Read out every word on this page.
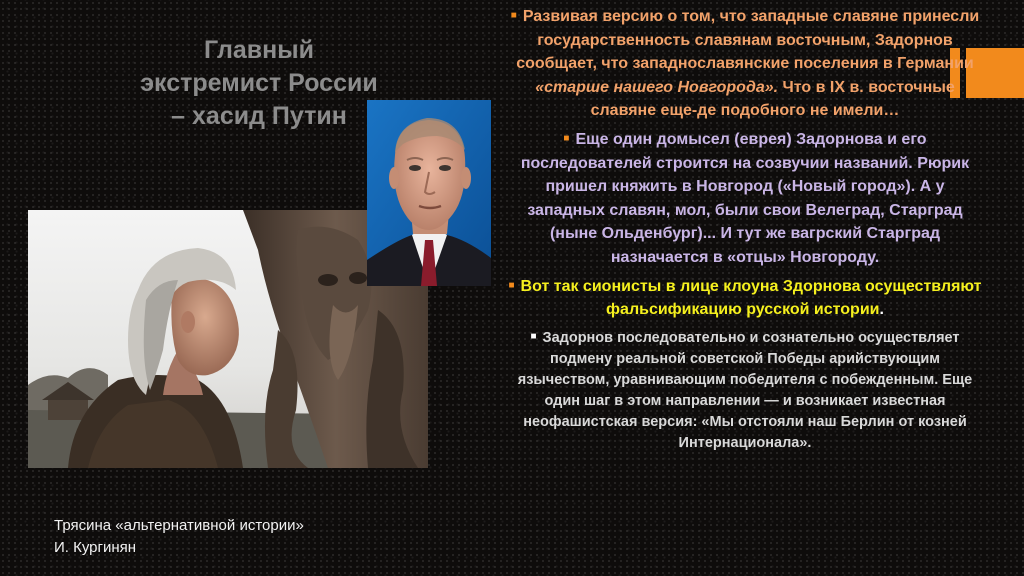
Главный
экстремист России
– хасид Путин
Трясина «альтернативной истории»
И. Кургинян

■ Развивая версию о том, что западные славяне принесли государственность славянам восточным, Задорнов сообщает, что западнославянские поселения в Германии «старше нашего Новгорода». Что в IX в. восточные славяне еще-де подобного не имели…

■ Еще один домысел (еврея) Задорнова и его последователей строится на созвучии названий. Рюрик пришел княжить в Новгород («Новый город»). А у западных славян, мол, были свои Велеград, Старград (ныне Ольденбург)... И тут же вагрский Старград назначается в «отцы» Новгороду.

■ Вот так сионисты в лице клоуна Здорнова осуществляют фальсификацию русской истории.

■ Задорнов последовательно и сознательно осуществляет подмену реальной советской Победы арийствующим язычеством, уравнивающим победителя с побежденным. Еще один шаг в этом направлении — и возникает известная неофашистская версия: «Мы отстояли наш Берлин от козней Интернационала».
